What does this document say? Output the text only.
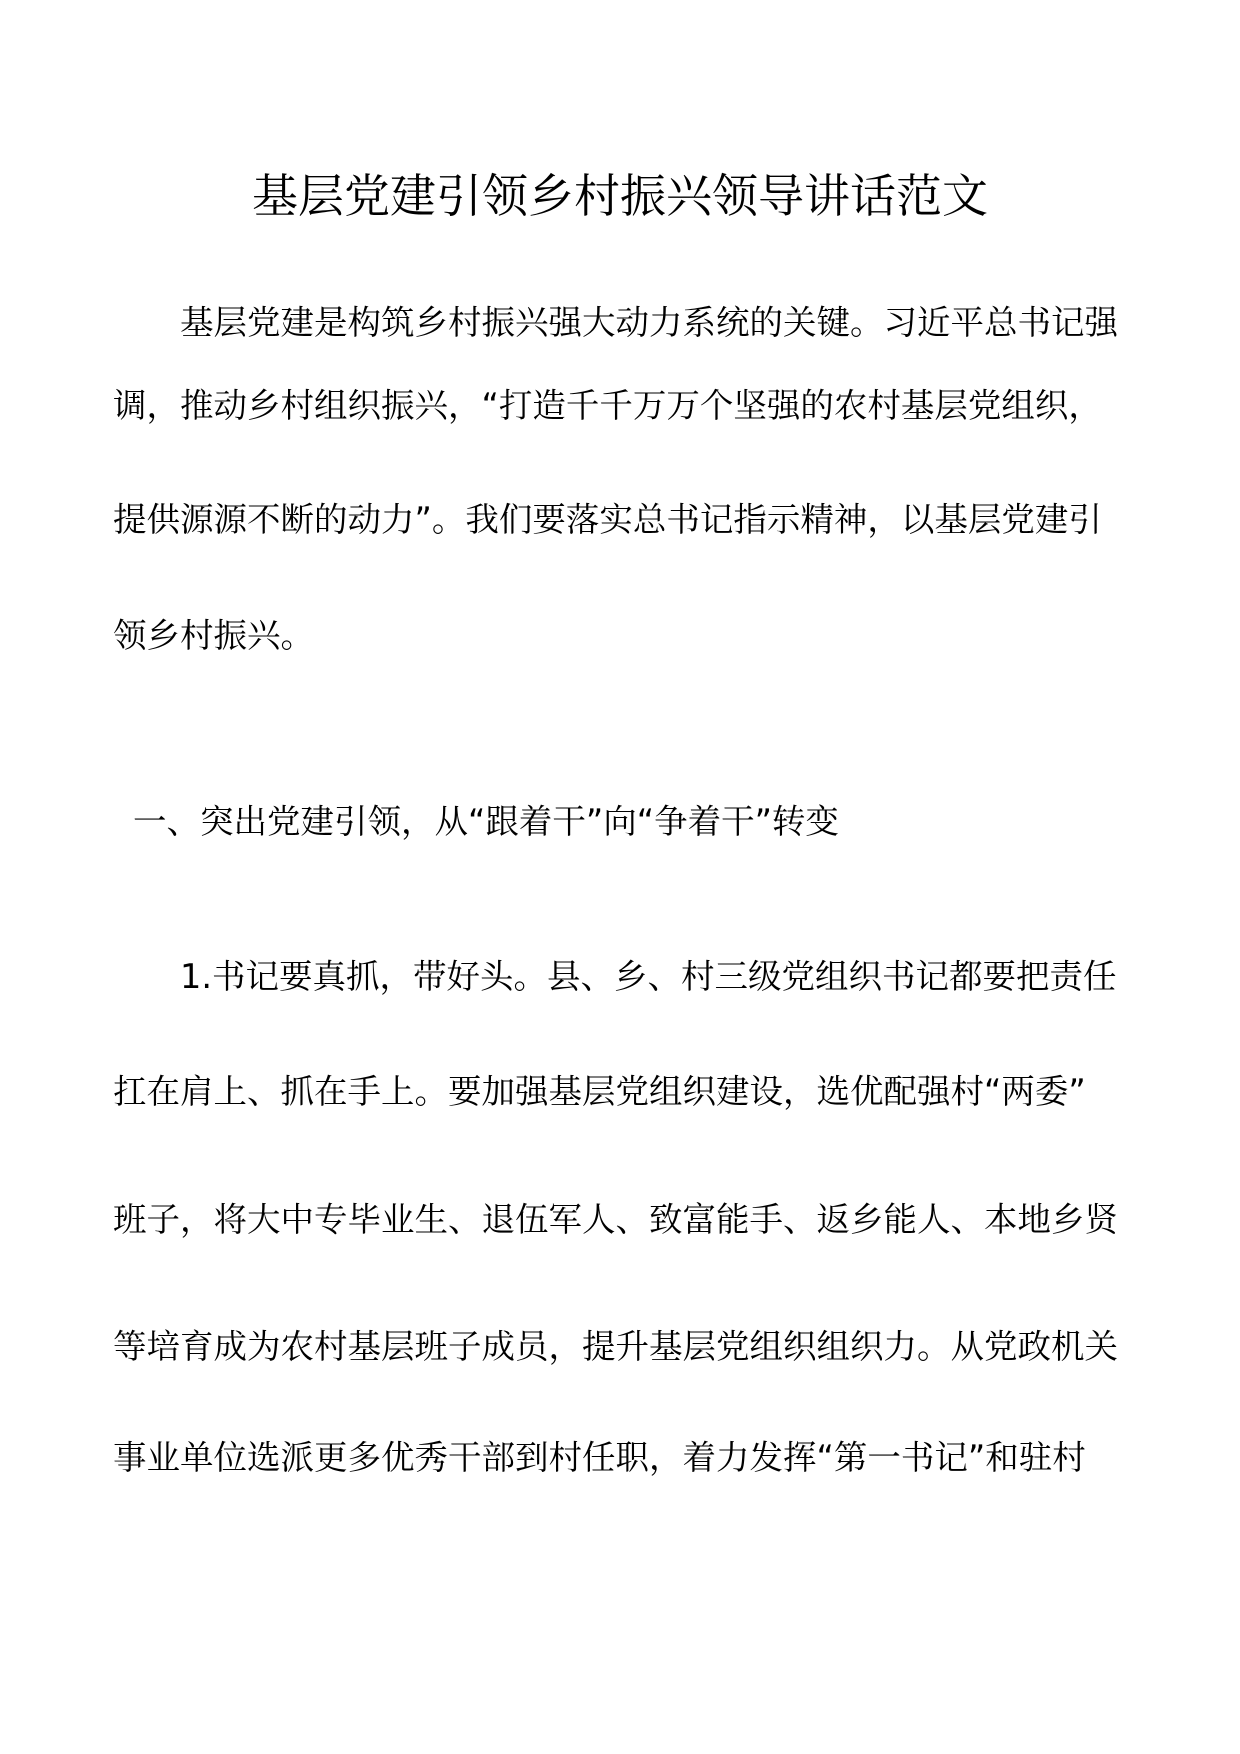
基层党建引领乡村振兴领导讲话范文
基层党建是构筑乡村振兴强大动力系统的关键。习近平总书记强
调，推动乡村组织振兴，“打造千千万万个坚强的农村基层党组织，
提供源源不断的动力”。我们要落实总书记指示精神，以基层党建引
领乡村振兴。
一、突出党建引领，从“跟着干”向“争着干”转变
1.书记要真抓，带好头。县、乡、村三级党组织书记都要把责任
扛在肩上、抓在手上。要加强基层党组织建设，选优配强村“两委”
班子，将大中专毕业生、退伍军人、致富能手、返乡能人、本地乡贤
等培育成为农村基层班子成员，提升基层党组织组织力。从党政机关
事业单位选派更多优秀干部到村任职，着力发挥“第一书记”和驻村
